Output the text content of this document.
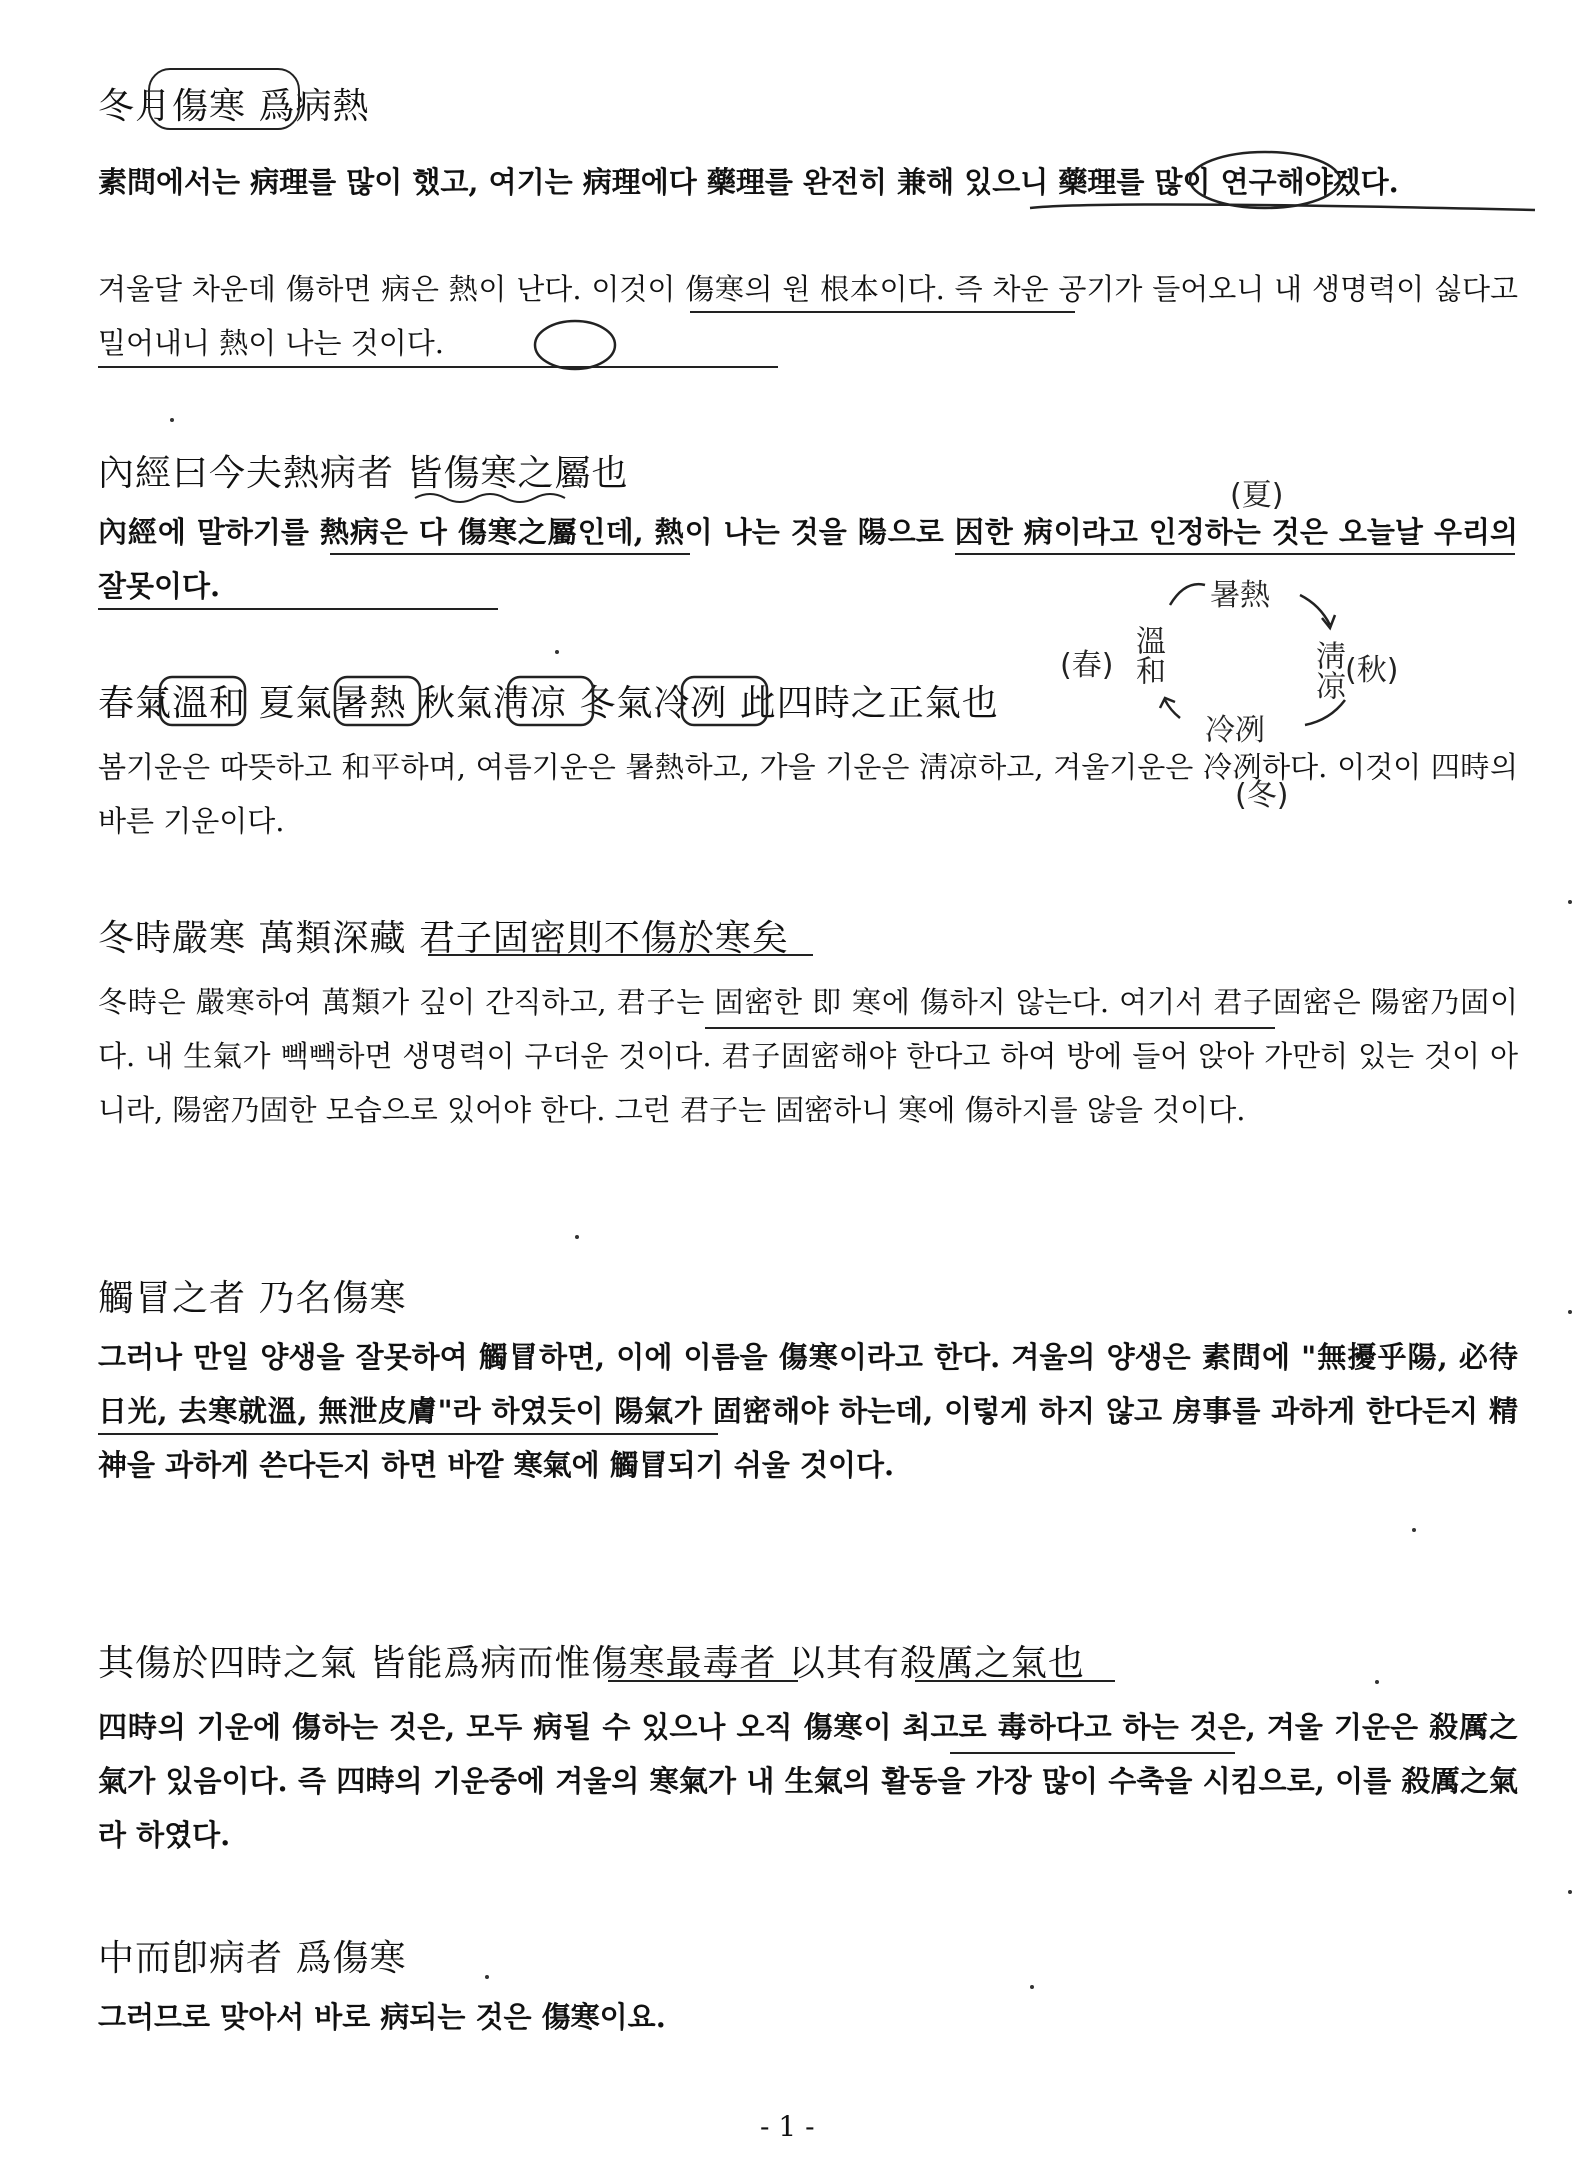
冬月傷寒 爲病熱
素問에서는 病理를 많이 했고, 여기는 病理에다 藥理를 완전히 兼해 있으니 藥理를 많이 연구해야겠다.
겨울달 차운데 傷하면 病은 熱이 난다. 이것이 傷寒의 원 根本이다. 즉 차운 공기가 들어오니 내 생명력이 싫다고 밀어내니 熱이 나는 것이다.
內經曰今夫熱病者 皆傷寒之屬也
內經에 말하기를 熱病은 다 傷寒之屬인데, 熱이 나는 것을 陽으로 因한 病이라고 인정하는 것은 오늘날 우리의 잘못이다.
春氣溫和 夏氣暑熱 秋氣淸凉 冬氣冷冽 此四時之正氣也
봄기운은 따뜻하고 和平하며, 여름기운은 暑熱하고, 가을 기운은 淸凉하고, 겨울기운은 冷冽하다. 이것이 四時의 바른 기운이다.
(夏)
暑熱
(春) 溫和	淸凉 (秋)
冷冽
(冬)
冬時嚴寒 萬類深藏 君子固密則不傷於寒矣
冬時은 嚴寒하여 萬類가 깊이 간직하고, 君子는 固密한 即 寒에 傷하지 않는다. 여기서 君子固密은 陽密乃固이다. 내 生氣가 빽빽하면 생명력이 구더운 것이다. 君子固密해야 한다고 하여 방에 들어 앉아 가만히 있는 것이 아니라, 陽密乃固한 모습으로 있어야 한다. 그런 君子는 固密하니 寒에 傷하지를 않을 것이다.
觸冒之者 乃名傷寒
그러나 만일 양생을 잘못하여 觸冒하면, 이에 이름을 傷寒이라고 한다. 겨울의 양생은 素問에 "無擾乎陽, 必待日光, 去寒就溫, 無泄皮膚"라 하였듯이 陽氣가 固密해야 하는데, 이렇게 하지 않고 房事를 과하게 한다든지 精神을 과하게 쓴다든지 하면 바깥 寒氣에 觸冒되기 쉬울 것이다.
其傷於四時之氣 皆能爲病而惟傷寒最毒者 以其有殺厲之氣也
四時의 기운에 傷하는 것은, 모두 病될 수 있으나 오직 傷寒이 최고로 毒하다고 하는 것은, 겨울 기운은 殺厲之氣가 있음이다. 즉 四時의 기운중에 겨울의 寒氣가 내 生氣의 활동을 가장 많이 수축을 시킴으로, 이를 殺厲之氣라 하였다.
中而卽病者 爲傷寒
그러므로 맞아서 바로 病되는 것은 傷寒이요.
- 1 -
